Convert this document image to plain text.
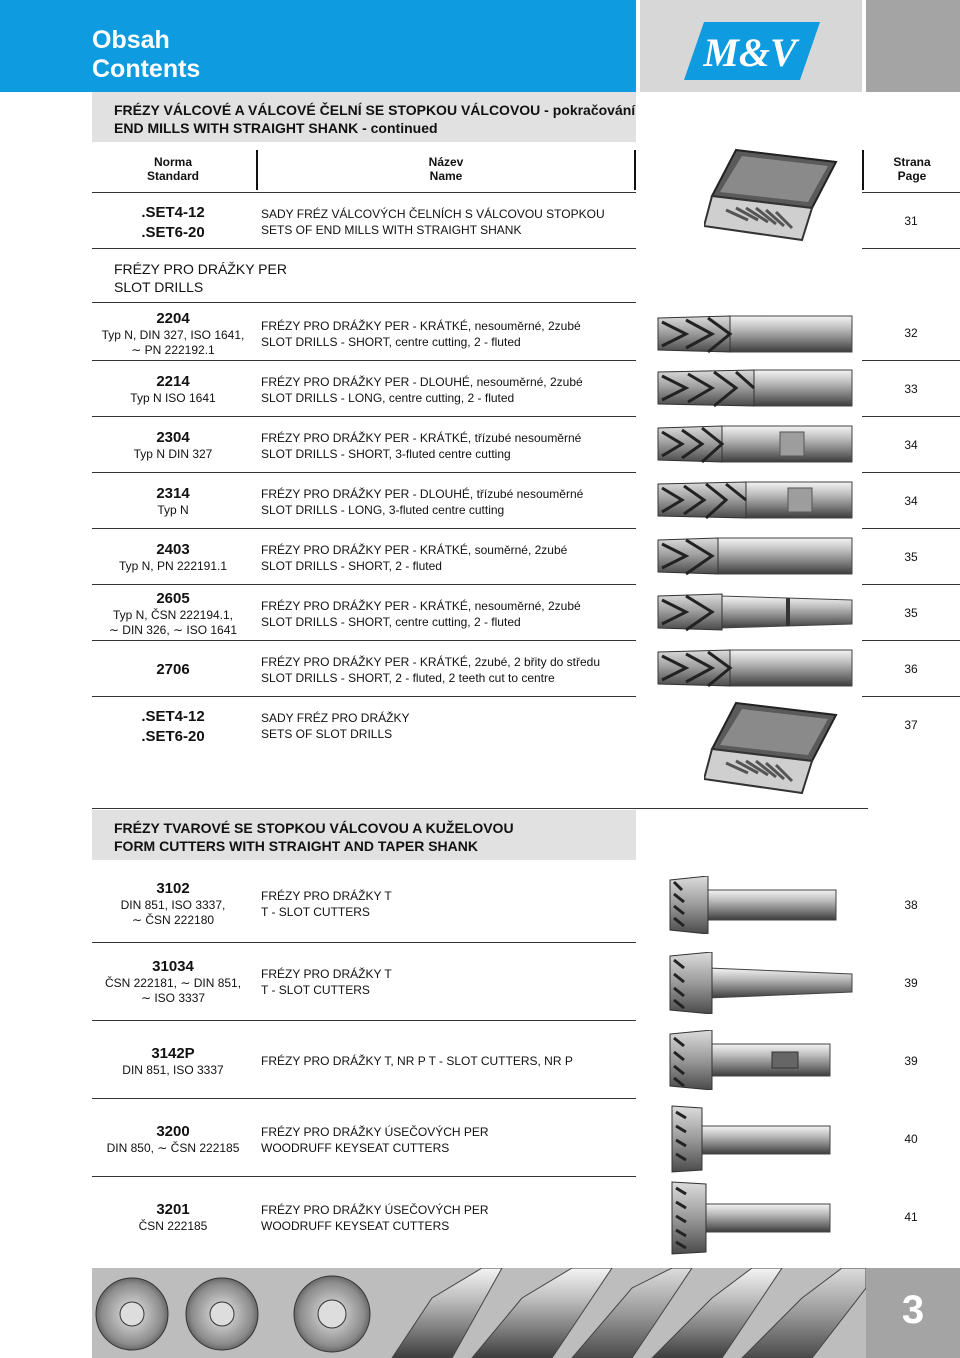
Obsah
Contents	M&V
FRÉZY VÁLCOVÉ A VÁLCOVÉ ČELNÍ SE STOPKOU VÁLCOVOU - pokračování
END MILLS WITH STRAIGHT SHANK - continued
Norma
Standard
Název
Name
Strana
Page
.SET4-12
.SET6-20
SADY FRÉZ VÁLCOVÝCH ČELNÍCH S VÁLCOVOU STOPKOU
SETS OF END MILLS WITH STRAIGHT SHANK
31
FRÉZY PRO DRÁŽKY PER
SLOT DRILLS
2204
Typ N, DIN 327, ISO 1641,
∼ PN 222192.1
FRÉZY PRO DRÁŽKY PER - KRÁTKÉ, nesouměrné, 2zubé
SLOT DRILLS - SHORT, centre cutting, 2 - fluted
32
2214
Typ N ISO 1641
FRÉZY PRO DRÁŽKY PER - DLOUHÉ, nesouměrné, 2zubé
SLOT DRILLS - LONG, centre cutting, 2 - fluted
33
2304
Typ N DIN 327
FRÉZY PRO DRÁŽKY PER - KRÁTKÉ, třízubé nesouměrné
SLOT DRILLS - SHORT, 3-fluted centre cutting
34
2314
Typ N
FRÉZY PRO DRÁŽKY PER - DLOUHÉ, třízubé nesouměrné
SLOT DRILLS - LONG, 3-fluted centre cutting
34
2403
Typ N, PN 222191.1
FRÉZY PRO DRÁŽKY PER - KRÁTKÉ, souměrné, 2zubé
SLOT DRILLS - SHORT, 2 - fluted
35
2605
Typ N, ČSN 222194.1,
∼ DIN 326, ∼ ISO 1641
FRÉZY PRO DRÁŽKY PER - KRÁTKÉ, nesouměrné, 2zubé
SLOT DRILLS - SHORT, centre cutting, 2 - fluted
35
2706	FRÉZY PRO DRÁŽKY PER - KRÁTKÉ, 2zubé, 2 břity do středu
SLOT DRILLS - SHORT, 2 - fluted, 2 teeth cut to centre
36
.SET4-12
.SET6-20
SADY FRÉZ PRO DRÁŽKY
SETS OF SLOT DRILLS
37
FRÉZY TVAROVÉ SE STOPKOU VÁLCOVOU A KUŽELOVOU
FORM CUTTERS WITH STRAIGHT AND TAPER SHANK
3102
DIN 851, ISO 3337,
∼ ČSN 222180
FRÉZY PRO DRÁŽKY T
T - SLOT CUTTERS	38
31034
ČSN 222181, ∼ DIN 851,
∼ ISO 3337
FRÉZY PRO DRÁŽKY T
T - SLOT CUTTERS	39
3142P
DIN 851, ISO 3337
FRÉZY PRO DRÁŽKY T, NR P T - SLOT CUTTERS, NR P	39
3200
DIN 850, ∼ ČSN 222185
FRÉZY PRO DRÁŽKY ÚSEČOVÝCH PER
WOODRUFF KEYSEAT CUTTERS
40
3201
ČSN 222185
FRÉZY PRO DRÁŽKY ÚSEČOVÝCH PER
WOODRUFF KEYSEAT CUTTERS
41
3
